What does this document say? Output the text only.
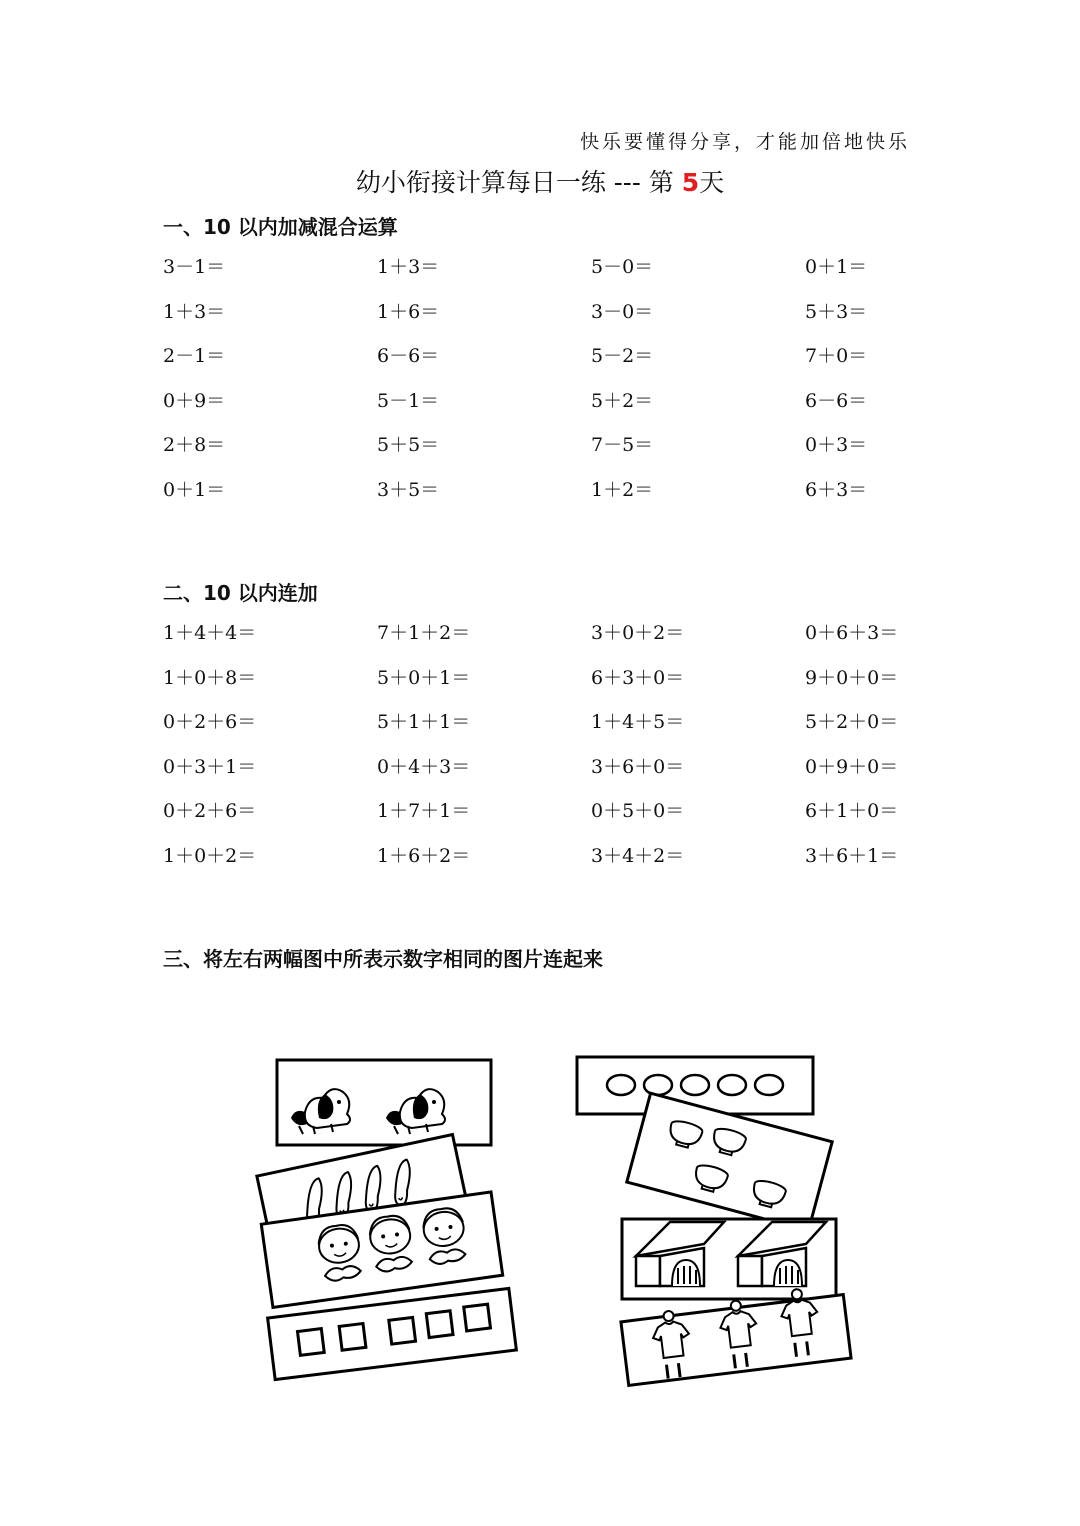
快乐要懂得分享，才能加倍地快乐
幼小衔接计算每日一练 --- 第 5天
一、10 以内加减混合运算
3－1＝	1＋3＝	5－0＝	0＋1＝
1＋3＝	1＋6＝	3－0＝	5＋3＝
2－1＝	6－6＝	5－2＝	7＋0＝
0＋9＝	5－1＝	5＋2＝	6－6＝
2＋8＝	5＋5＝	7－5＝	0＋3＝
0＋1＝	3＋5＝	1＋2＝	6＋3＝
二、10 以内连加
1＋4＋4＝	7＋1＋2＝	3＋0＋2＝	0＋6＋3＝
1＋0＋8＝	5＋0＋1＝	6＋3＋0＝	9＋0＋0＝
0＋2＋6＝	5＋1＋1＝	1＋4＋5＝	5＋2＋0＝
0＋3＋1＝	0＋4＋3＝	3＋6＋0＝	0＋9＋0＝
0＋2＋6＝	1＋7＋1＝	0＋5＋0＝	6＋1＋0＝
1＋0＋2＝	1＋6＋2＝	3＋4＋2＝	3＋6＋1＝
三、将左右两幅图中所表示数字相同的图片连起来
